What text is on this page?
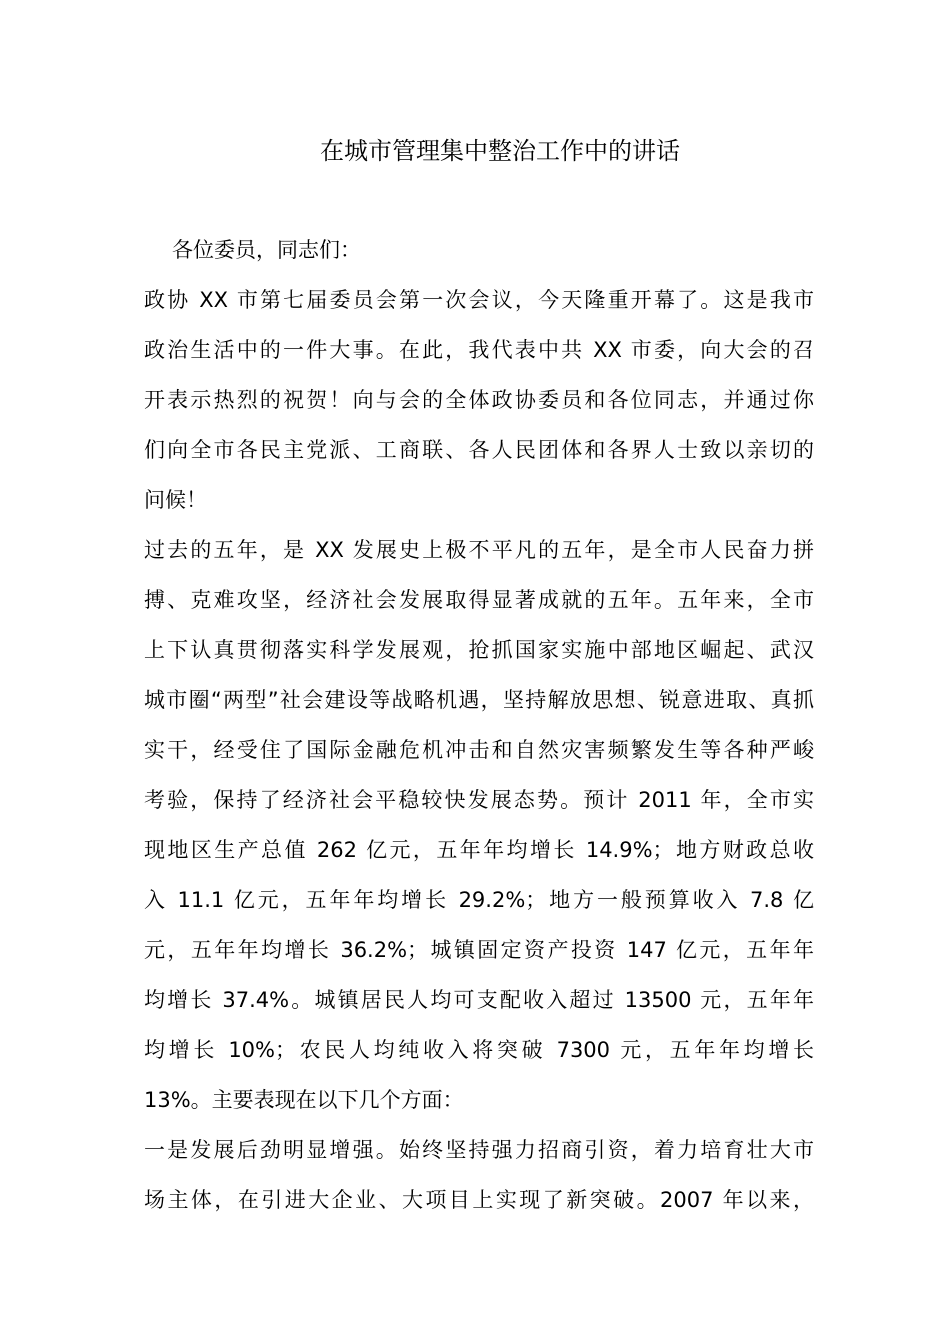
在城市管理集中整治工作中的讲话
各位委员，同志们：
政协 XX 市第七届委员会第一次会议，今天隆重开幕了。这是我市
政治生活中的一件大事。在此，我代表中共 XX 市委，向大会的召
开表示热烈的祝贺！向与会的全体政协委员和各位同志，并通过你
们向全市各民主党派、工商联、各人民团体和各界人士致以亲切的
问候！
过去的五年，是 XX 发展史上极不平凡的五年，是全市人民奋力拼
搏、克难攻坚，经济社会发展取得显著成就的五年。五年来，全市
上下认真贯彻落实科学发展观，抢抓国家实施中部地区崛起、武汉
城市圈“两型”社会建设等战略机遇，坚持解放思想、锐意进取、真抓
实干，经受住了国际金融危机冲击和自然灾害频繁发生等各种严峻
考验，保持了经济社会平稳较快发展态势。预计 2011 年，全市实
现地区生产总值 262 亿元，五年年均增长 14.9%；地方财政总收
入 11.1 亿元，五年年均增长 29.2%；地方一般预算收入 7.8 亿
元，五年年均增长 36.2%；城镇固定资产投资 147 亿元，五年年
均增长 37.4%。城镇居民人均可支配收入超过 13500 元，五年年
均增长 10%；农民人均纯收入将突破 7300 元，五年年均增长
13%。主要表现在以下几个方面：
一是发展后劲明显增强。始终坚持强力招商引资，着力培育壮大市
场主体，在引进大企业、大项目上实现了新突破。2007 年以来，
